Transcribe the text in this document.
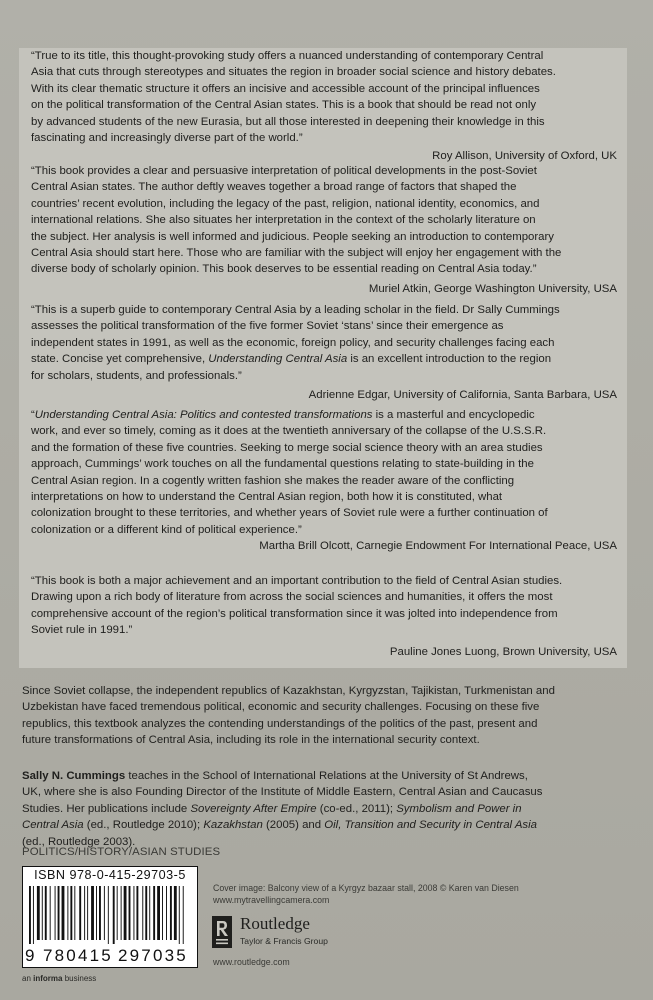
“True to its title, this thought-provoking study offers a nuanced understanding of contemporary Central

Asia that cuts through stereotypes and situates the region in broader social science and history debates.

With its clear thematic structure it offers an incisive and accessible account of the principal influences

on the political transformation of the Central Asian states. This is a book that should be read not only

by advanced students of the new Eurasia, but all those interested in deepening their knowledge in this

fascinating and increasingly diverse part of the world.”

Roy Allison, University of Oxford, UK

“This book provides a clear and persuasive interpretation of political developments in the post-Soviet

Central Asian states. The author deftly weaves together a broad range of factors that shaped the

countries’ recent evolution, including the legacy of the past, religion, national identity, economics, and

international relations. She also situates her interpretation in the context of the scholarly literature on

the subject. Her analysis is well informed and judicious. People seeking an introduction to contemporary

Central Asia should start here. Those who are familiar with the subject will enjoy her engagement with the

diverse body of scholarly opinion. This book deserves to be essential reading on Central Asia today.”

Muriel Atkin, George Washington University, USA

“This is a superb guide to contemporary Central Asia by a leading scholar in the field. Dr Sally Cummings

assesses the political transformation of the five former Soviet ‘stans’ since their emergence as

independent states in 1991, as well as the economic, foreign policy, and security challenges facing each

state. Concise yet comprehensive, Understanding Central Asia is an excellent introduction to the region

for scholars, students, and professionals.”

Adrienne Edgar, University of California, Santa Barbara, USA

“Understanding Central Asia: Politics and contested transformations is a masterful and encyclopedic

work, and ever so timely, coming as it does at the twentieth anniversary of the collapse of the U.S.S.R.

and the formation of these five countries. Seeking to merge social science theory with an area studies

approach, Cummings’ work touches on all the fundamental questions relating to state-building in the

Central Asian region. In a cogently written fashion she makes the reader aware of the conflicting

interpretations on how to understand the Central Asian region, both how it is constituted, what

colonization brought to these territories, and whether years of Soviet rule were a further continuation of

colonization or a different kind of political experience.”

Martha Brill Olcott, Carnegie Endowment For International Peace, USA

“This book is both a major achievement and an important contribution to the field of Central Asian studies.

Drawing upon a rich body of literature from across the social sciences and humanities, it offers the most

comprehensive account of the region’s political transformation since it was jolted into independence from

Soviet rule in 1991.”

Pauline Jones Luong, Brown University, USA

Since Soviet collapse, the independent republics of Kazakhstan, Kyrgyzstan, Tajikistan, Turkmenistan and
Uzbekistan have faced tremendous political, economic and security challenges. Focusing on these five
republics, this textbook analyzes the contending understandings of the politics of the past, present and
future transformations of Central Asia, including its role in the international security context.
Sally N. Cummings teaches in the School of International Relations at the University of St Andrews,
UK, where she is also Founding Director of the Institute of Middle Eastern, Central Asian and Caucasus
Studies. Her publications include Sovereignty After Empire (co-ed., 2011); Symbolism and Power in
Central Asia (ed., Routledge 2010); Kazakhstan (2005) and Oil, Transition and Security in Central Asia
(ed., Routledge 2003).
POLITICS/HISTORY/ASIAN STUDIES
ISBN 978-0-415-29703-5
9 780415 297035
an informa business
Cover image: Balcony view of a Kyrgyz bazaar stall, 2008 © Karen van Diesen
www.mytravellingcamera.com
Routledge
Taylor & Francis Group
www.routledge.com
